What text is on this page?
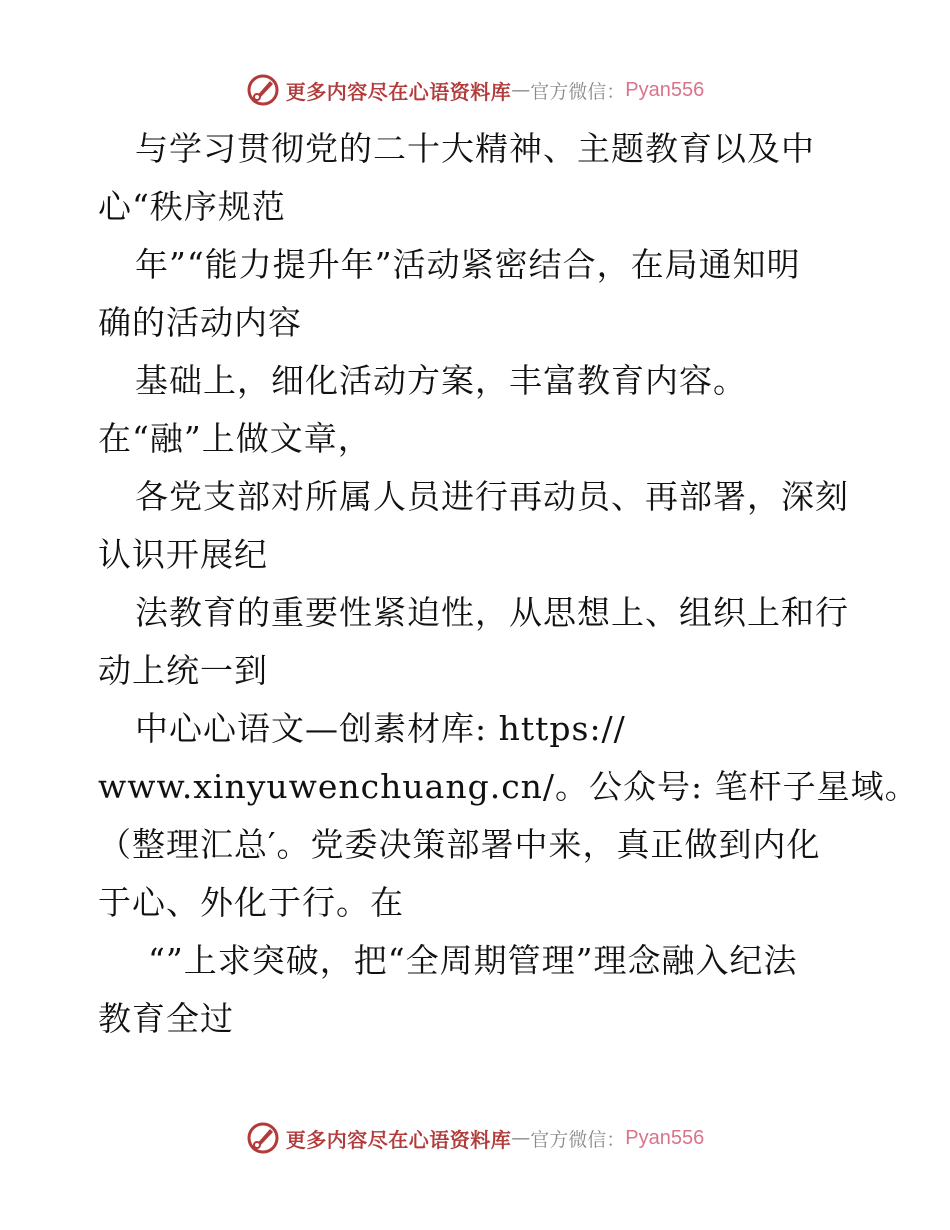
更多内容尽在心语资料库 — 官方微信： Pyan556
与学习贯彻党的二十大精神、主题教育以及中
心“秩序规范
年”“能力提升年”活动紧密结合，在局通知明
确的活动内容
基础上，细化活动方案，丰富教育内容。
在“融”上做文章，
各党支部对所属人员进行再动员、再部署，深刻
认识开展纪
法教育的重要性紧迫性，从思想上、组织上和行
动上统一到
中心心语文—创素材库: https://
www.xinyuwenchuang.cn/。公众号: 笔杆子星域。
（整理汇总′。党委决策部署中来，真正做到内化
于心、外化于行。在
“”上求突破，把“全周期管理”理念融入纪法
教育全过
更多内容尽在心语资料库 — 官方微信： Pyan556
